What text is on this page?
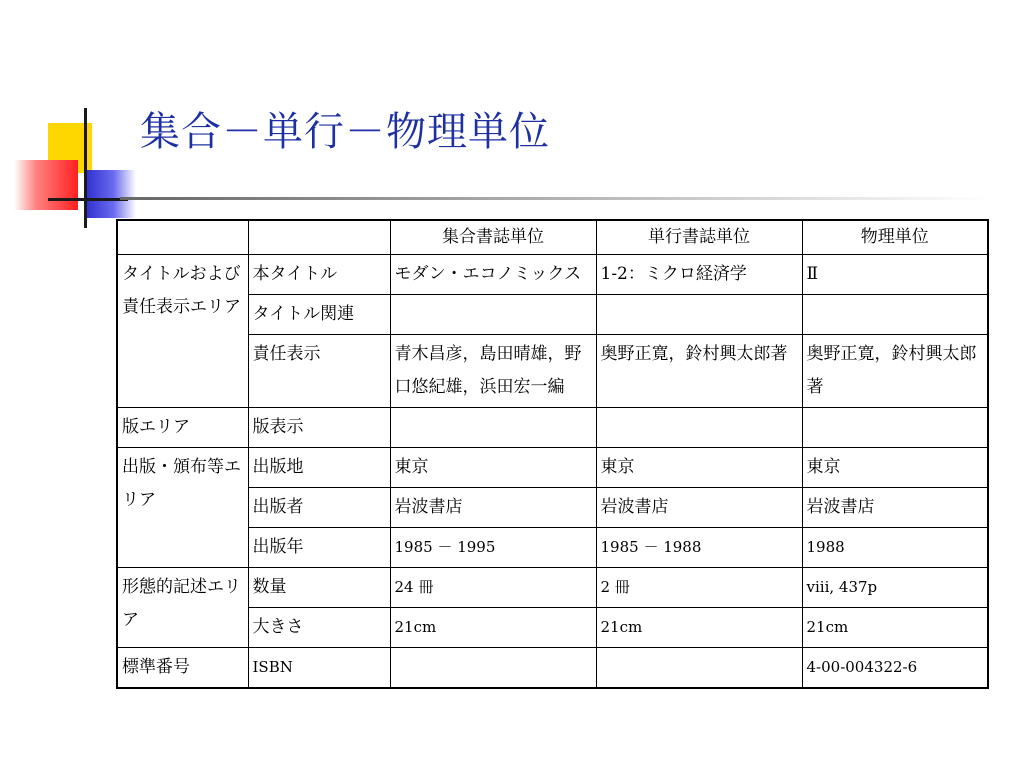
集合－単行－物理単位
		集合書誌単位	単行書誌単位	物理単位
タイトルおよび責任表示エリア	本タイトル	モダン・エコノミックス	1-2：ミクロ経済学	Ⅱ
	タイトル関連			
	責任表示	青木昌彦，島田晴雄，野口悠紀雄，浜田宏一編	奥野正寛，鈴村興太郎著	奥野正寛，鈴村興太郎著
版エリア	版表示			
出版・頒布等エリア	出版地	東京	東京	東京
	出版者	岩波書店	岩波書店	岩波書店
	出版年	1985 － 1995	1985 － 1988	1988
形態的記述エリア	数量	24 冊	2 冊	viii, 437p
	大きさ	21cm	21cm	21cm
標準番号	ISBN			4-00-004322-6
